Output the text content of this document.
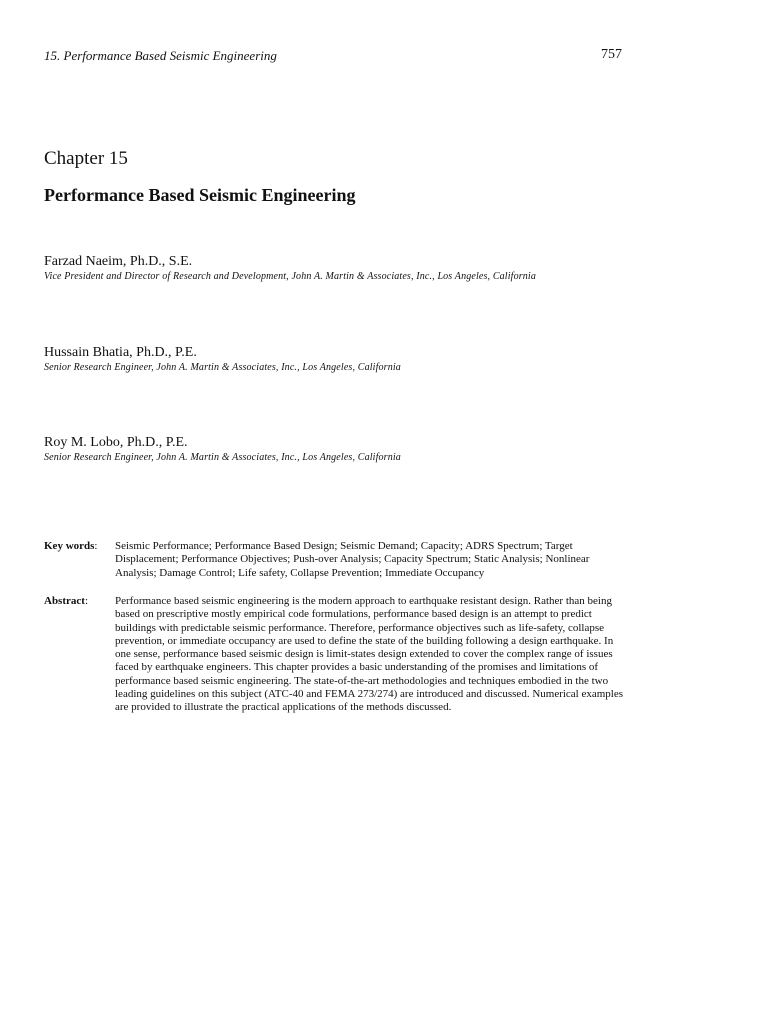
15. Performance Based Seismic Engineering	757
Chapter 15
Performance Based Seismic Engineering
Farzad Naeim, Ph.D., S.E.
Vice President and Director of Research and Development, John A. Martin & Associates, Inc., Los Angeles, California
Hussain Bhatia, Ph.D., P.E.
Senior Research Engineer, John A. Martin & Associates, Inc., Los Angeles, California
Roy M. Lobo, Ph.D., P.E.
Senior Research Engineer, John A. Martin & Associates, Inc., Los Angeles, California
Key words: Seismic Performance; Performance Based Design; Seismic Demand; Capacity; ADRS Spectrum; Target Displacement; Performance Objectives; Push-over Analysis; Capacity Spectrum; Static Analysis; Nonlinear Analysis; Damage Control; Life safety, Collapse Prevention; Immediate Occupancy
Abstract: Performance based seismic engineering is the modern approach to earthquake resistant design. Rather than being based on prescriptive mostly empirical code formulations, performance based design is an attempt to predict buildings with predictable seismic performance. Therefore, performance objectives such as life-safety, collapse prevention, or immediate occupancy are used to define the state of the building following a design earthquake. In one sense, performance based seismic design is limit-states design extended to cover the complex range of issues faced by earthquake engineers. This chapter provides a basic understanding of the promises and limitations of performance based seismic engineering. The state-of-the-art methodologies and techniques embodied in the two leading guidelines on this subject (ATC-40 and FEMA 273/274) are introduced and discussed. Numerical examples are provided to illustrate the practical applications of the methods discussed.
